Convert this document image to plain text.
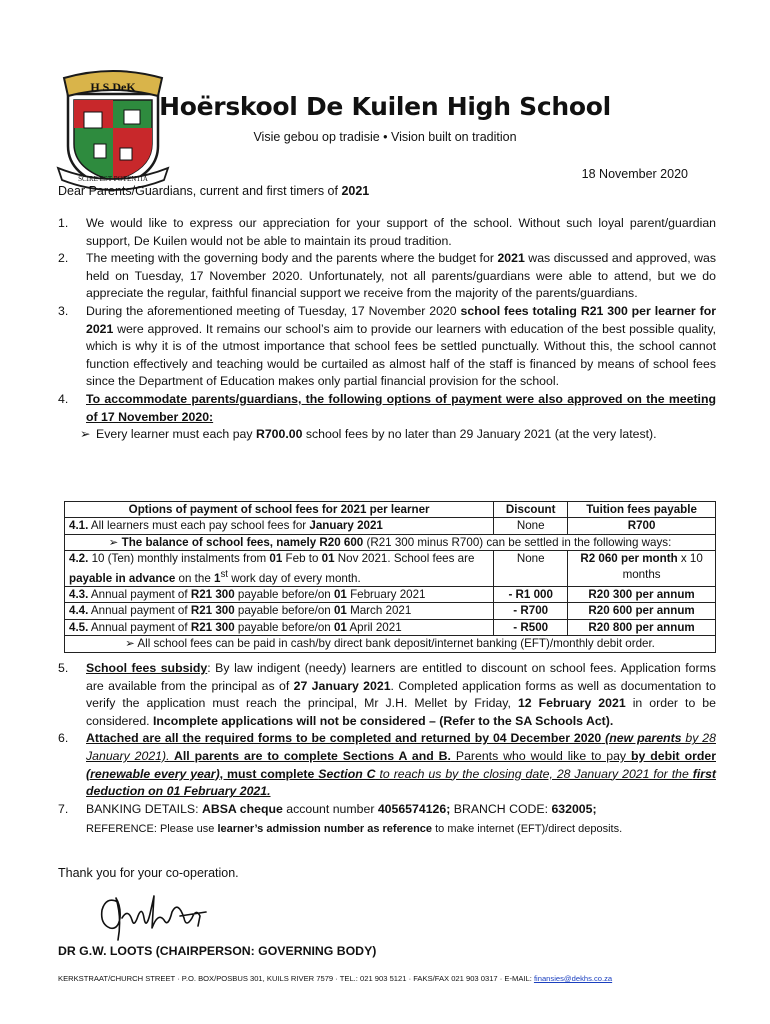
H S DeK
SCIRE EST POTENTIA
Hoërskool De Kuilen High School
Visie gebou op tradisie • Vision built on tradition
18 November 2020
Dear Parents/Guardians, current and first timers of 2021
1. We would like to express our appreciation for your support of the school. Without such loyal parent/guardian support, De Kuilen would not be able to maintain its proud tradition.
2. The meeting with the governing body and the parents where the budget for 2021 was discussed and approved, was held on Tuesday, 17 November 2020. Unfortunately, not all parents/guardians were able to attend, but we do appreciate the regular, faithful financial support we receive from the majority of the parents/guardians.
3. During the aforementioned meeting of Tuesday, 17 November 2020 school fees totaling R21 300 per learner for 2021 were approved. It remains our school’s aim to provide our learners with education of the best possible quality, which is why it is of the utmost importance that school fees be settled punctually. Without this, the school cannot function effectively and teaching would be curtailed as almost half of the staff is financed by means of school fees since the Department of Education makes only partial financial provision for the school.
4. To accommodate parents/guardians, the following options of payment were also approved on the meeting of 17 November 2020:
➢ Every learner must each pay R700.00 school fees by no later than 29 January 2021 (at the very latest).
Options of payment of school fees for 2021 per learner	Discount	Tuition fees payable
4.1. All learners must each pay school fees for January 2021	None	R700
➢ The balance of school fees, namely R20 600 (R21 300 minus R700) can be settled in the following ways:		
4.2. 10 (Ten) monthly instalments from 01 Feb to 01 Nov 2021. School fees are payable in advance on the 1st work day of every month.	None	R2 060 per month x 10 months
4.3. Annual payment of R21 300 payable before/on 01 February 2021	- R1 000	R20 300 per annum
4.4. Annual payment of R21 300 payable before/on 01 March 2021	- R700	R20 600 per annum
4.5. Annual payment of R21 300 payable before/on 01 April 2021	- R500	R20 800 per annum
➢ All school fees can be paid in cash/by direct bank deposit/internet banking (EFT)/monthly debit order.		
5. School fees subsidy: By law indigent (needy) learners are entitled to discount on school fees. Application forms are available from the principal as of 27 January 2021. Completed application forms as well as documentation to verify the application must reach the principal, Mr J.H. Mellet by Friday, 12 February 2021 in order to be considered. Incomplete applications will not be considered – (Refer to the SA Schools Act).
6. Attached are all the required forms to be completed and returned by 04 December 2020 (new parents by 28 January 2021). All parents are to complete Sections A and B. Parents who would like to pay by debit order (renewable every year), must complete Section C to reach us by the closing date, 28 January 2021 for the first deduction on 01 February 2021.
7. BANKING DETAILS: ABSA cheque account number 4056574126; BRANCH CODE: 632005;
REFERENCE: Please use learner’s admission number as reference to make internet (EFT)/direct deposits.
Thank you for your co-operation.
DR G.W. LOOTS (CHAIRPERSON: GOVERNING BODY)
KERKSTRAAT/CHURCH STREET · P.O. BOX/POSBUS 301, KUILS RIVER 7579 · TEL.: 021 903 5121 · FAKS/FAX 021 903 0317 · E-MAIL: finansies@dekhs.co.za
